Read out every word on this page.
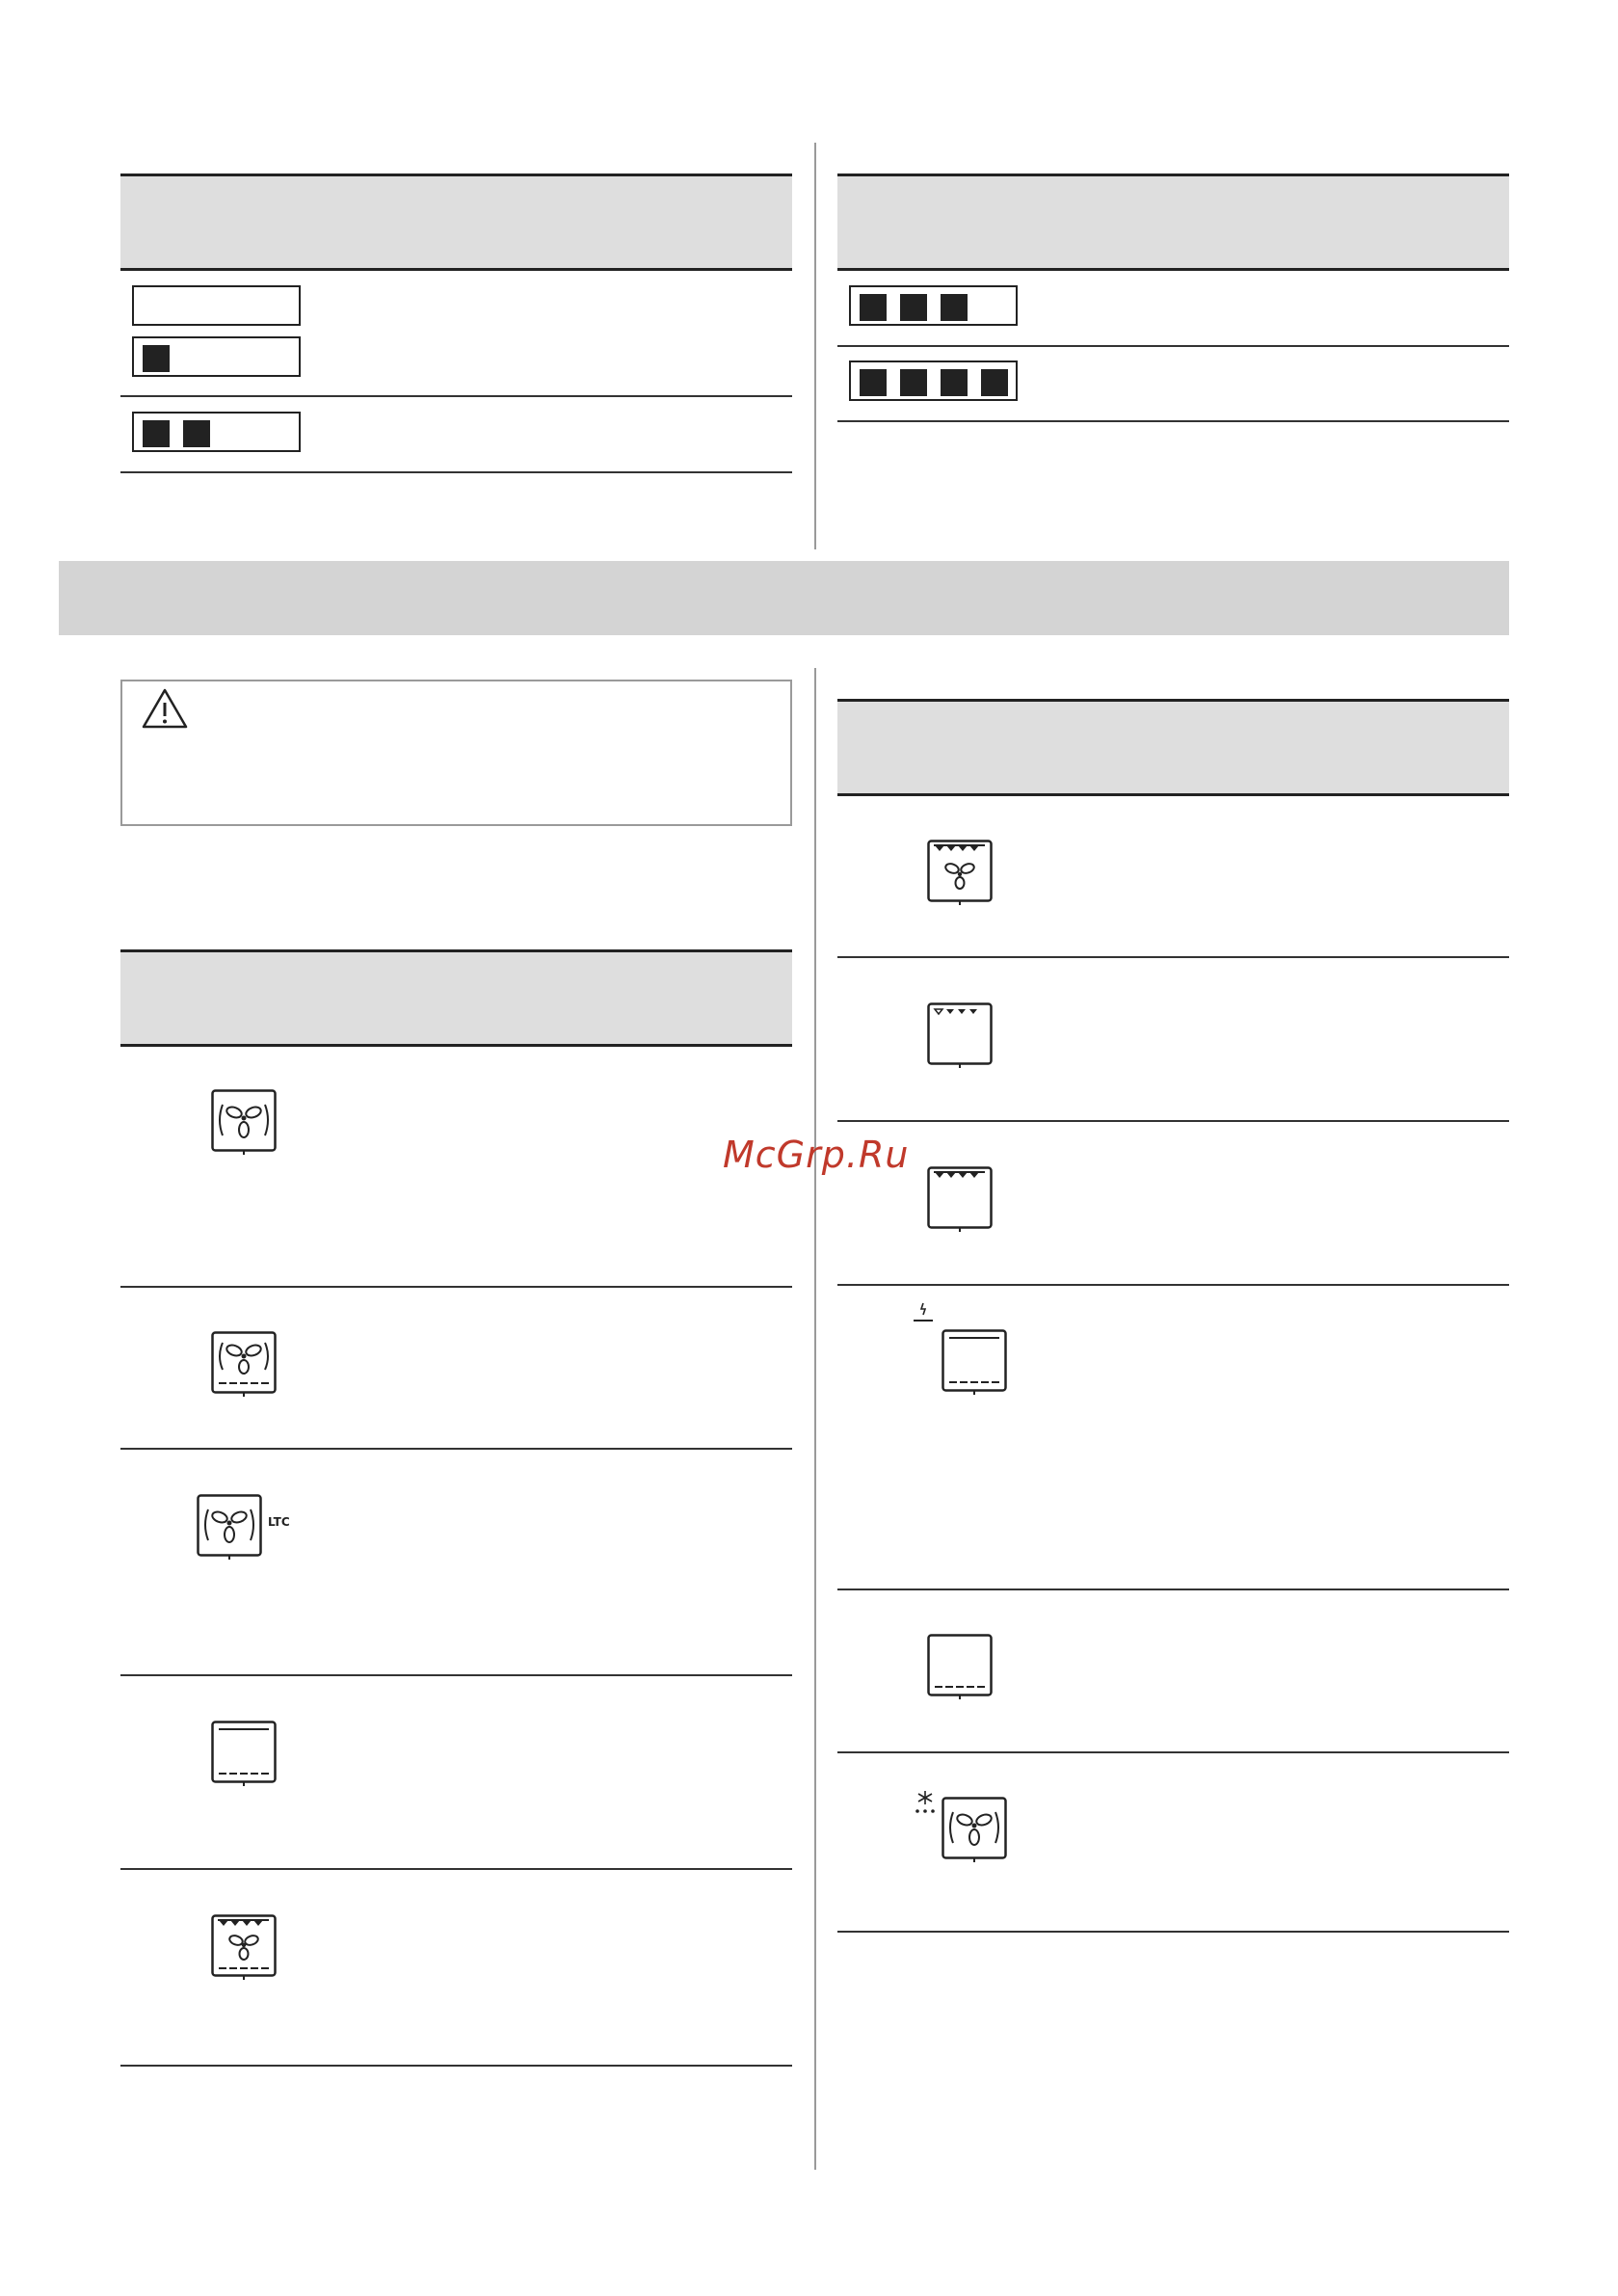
LTC
McGrp.Ru
